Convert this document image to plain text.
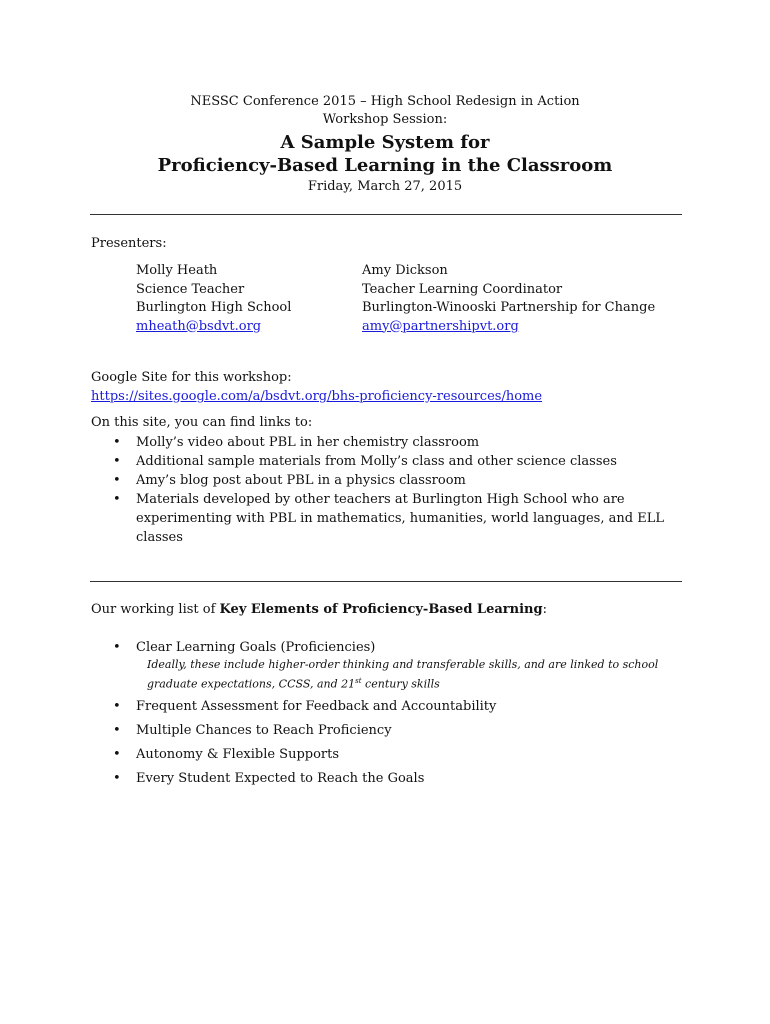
NESSC Conference 2015 – High School Redesign in Action
Workshop Session:
A Sample System for
Proficiency-Based Learning in the Classroom
Friday, March 27, 2015
Presenters:
Molly Heath
Science Teacher
Burlington High School
mheath@bsdvt.org
Amy Dickson
Teacher Learning Coordinator
Burlington-Winooski Partnership for Change
amy@partnershipvt.org
Google Site for this workshop:
https://sites.google.com/a/bsdvt.org/bhs-proficiency-resources/home
On this site, you can find links to:
• Molly’s video about PBL in her chemistry classroom
• Additional sample materials from Molly’s class and other science classes
• Amy’s blog post about PBL in a physics classroom
• Materials developed by other teachers at Burlington High School who are experimenting with PBL in mathematics, humanities, world languages, and ELL classes
Our working list of Key Elements of Proficiency-Based Learning:
• Clear Learning Goals (Proficiencies)
Ideally, these include higher-order thinking and transferable skills, and are linked to school graduate expectations, CCSS, and 21st century skills
• Frequent Assessment for Feedback and Accountability
• Multiple Chances to Reach Proficiency
• Autonomy & Flexible Supports
• Every Student Expected to Reach the Goals
